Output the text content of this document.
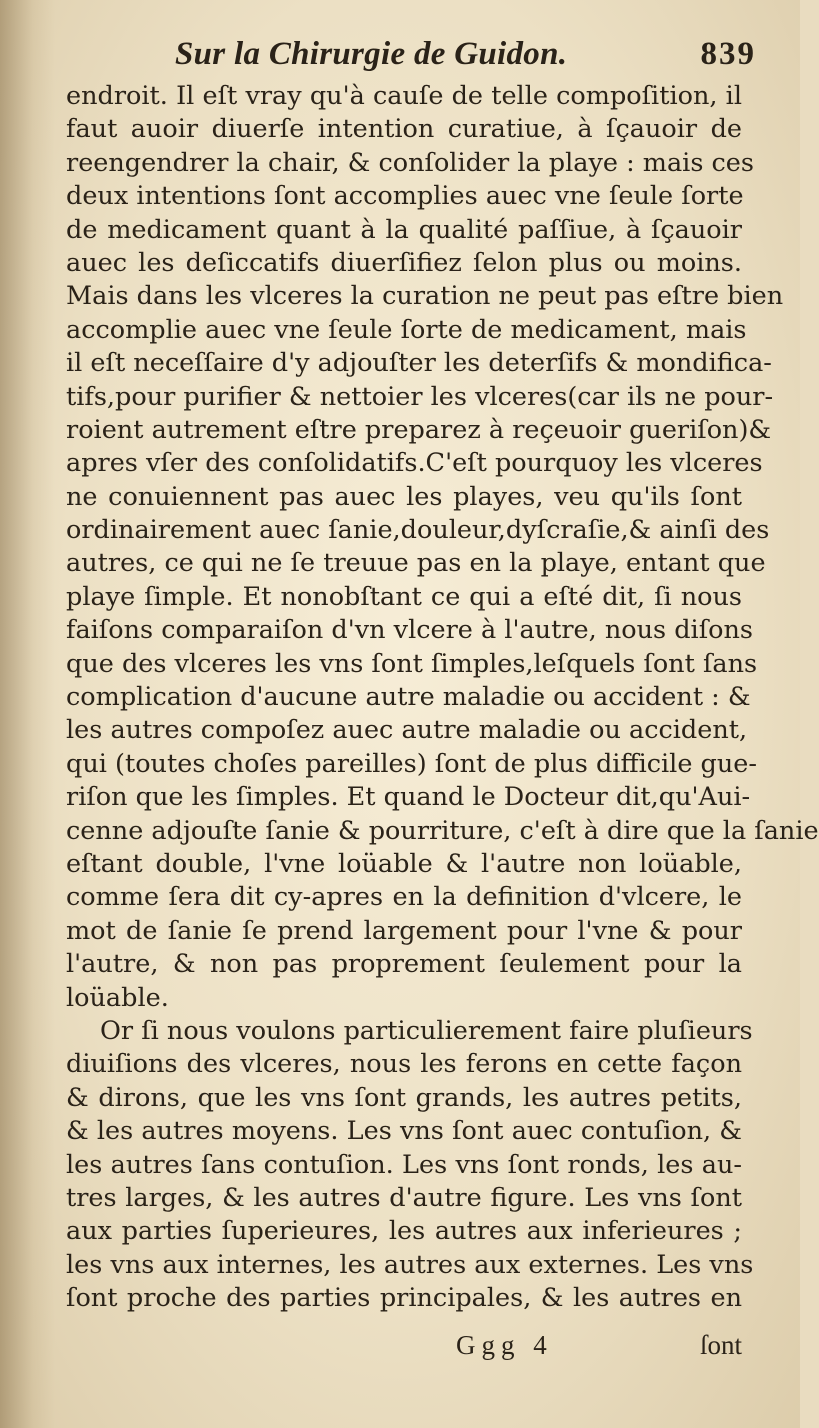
Sur la Chirurgie de Guidon.	839
endroit. Il eſt vray qu'à cauſe de telle compoſition, il
faut auoir diuerſe intention curatiue, à ſçauoir de
reengendrer la chair, & conſolider la playe : mais ces
deux intentions ſont accomplies auec vne ſeule ſorte
de medicament quant à la qualité paſſiue, à ſçauoir
auec les deſiccatifs diuerſifiez ſelon plus ou moins.
Mais dans les vlceres la curation ne peut pas eſtre bien
accomplie auec vne ſeule ſorte de medicament, mais
il eſt neceſſaire d'y adjouſter les deterſifs & mondifica-
tifs,pour purifier & nettoier les vlceres(car ils ne pour-
roient autrement eſtre preparez à reçeuoir gueriſon)&
apres vſer des conſolidatifs.C'eſt pourquoy les vlceres
ne conuiennent pas auec les playes, veu qu'ils ſont
ordinairement auec ſanie,douleur,dyſcraſie,& ainſi des
autres, ce qui ne ſe treuue pas en la playe, entant que
playe ſimple. Et nonobſtant ce qui a eſté dit, ſi nous
faiſons comparaiſon d'vn vlcere à l'autre, nous diſons
que des vlceres les vns ſont ſimples,leſquels ſont ſans
complication d'aucune autre maladie ou accident : &
les autres compoſez auec autre maladie ou accident,
qui (toutes choſes pareilles) ſont de plus difficile gue-
riſon que les ſimples. Et quand le Docteur dit,qu'Aui-
cenne adjouſte ſanie & pourriture, c'eſt à dire que la ſanie
eſtant double, l'vne loüable & l'autre non loüable,
comme ſera dit cy-apres en la definition d'vlcere, le
mot de ſanie ſe prend largement pour l'vne & pour
l'autre, & non pas proprement ſeulement pour la
loüable.
Or ſi nous voulons particulierement faire pluſieurs
diuiſions des vlceres, nous les ferons en cette façon
& dirons, que les vns ſont grands, les autres petits,
& les autres moyens. Les vns ſont auec contuſion, &
les autres ſans contuſion. Les vns ſont ronds, les au-
tres larges, & les autres d'autre figure. Les vns ſont
aux parties ſuperieures, les autres aux inferieures ;
les vns aux internes, les autres aux externes. Les vns
ſont proche des parties principales, & les autres en
Ggg 4	ſont
